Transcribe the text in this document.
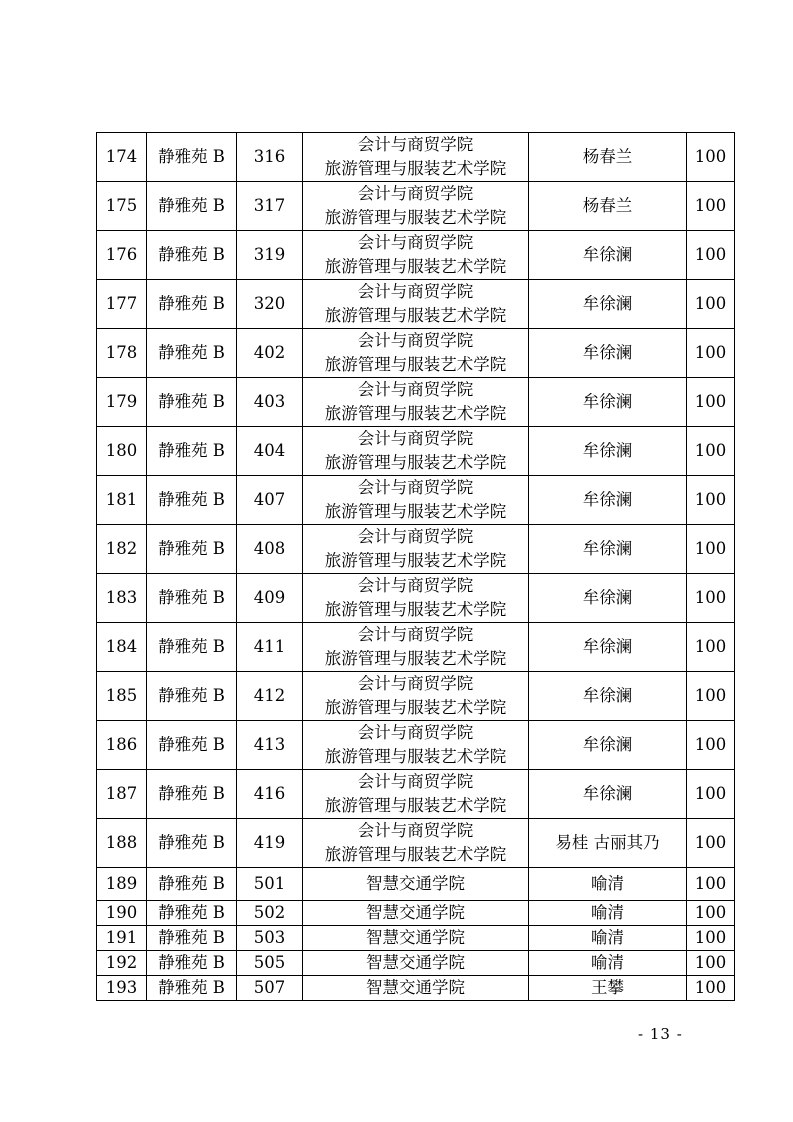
174	静雅苑 B	316	会计与商贸学院
旅游管理与服装艺术学院	杨春兰	100
175	静雅苑 B	317	会计与商贸学院
旅游管理与服装艺术学院	杨春兰	100
176	静雅苑 B	319	会计与商贸学院
旅游管理与服装艺术学院	牟徐澜	100
177	静雅苑 B	320	会计与商贸学院
旅游管理与服装艺术学院	牟徐澜	100
178	静雅苑 B	402	会计与商贸学院
旅游管理与服装艺术学院	牟徐澜	100
179	静雅苑 B	403	会计与商贸学院
旅游管理与服装艺术学院	牟徐澜	100
180	静雅苑 B	404	会计与商贸学院
旅游管理与服装艺术学院	牟徐澜	100
181	静雅苑 B	407	会计与商贸学院
旅游管理与服装艺术学院	牟徐澜	100
182	静雅苑 B	408	会计与商贸学院
旅游管理与服装艺术学院	牟徐澜	100
183	静雅苑 B	409	会计与商贸学院
旅游管理与服装艺术学院	牟徐澜	100
184	静雅苑 B	411	会计与商贸学院
旅游管理与服装艺术学院	牟徐澜	100
185	静雅苑 B	412	会计与商贸学院
旅游管理与服装艺术学院	牟徐澜	100
186	静雅苑 B	413	会计与商贸学院
旅游管理与服装艺术学院	牟徐澜	100
187	静雅苑 B	416	会计与商贸学院
旅游管理与服装艺术学院	牟徐澜	100
188	静雅苑 B	419	会计与商贸学院
旅游管理与服装艺术学院	易桂 古丽其乃	100
189	静雅苑 B	501	智慧交通学院	喻清	100
190	静雅苑 B	502	智慧交通学院	喻清	100
191	静雅苑 B	503	智慧交通学院	喻清	100
192	静雅苑 B	505	智慧交通学院	喻清	100
193	静雅苑 B	507	智慧交通学院	王攀	100
- 13 -
